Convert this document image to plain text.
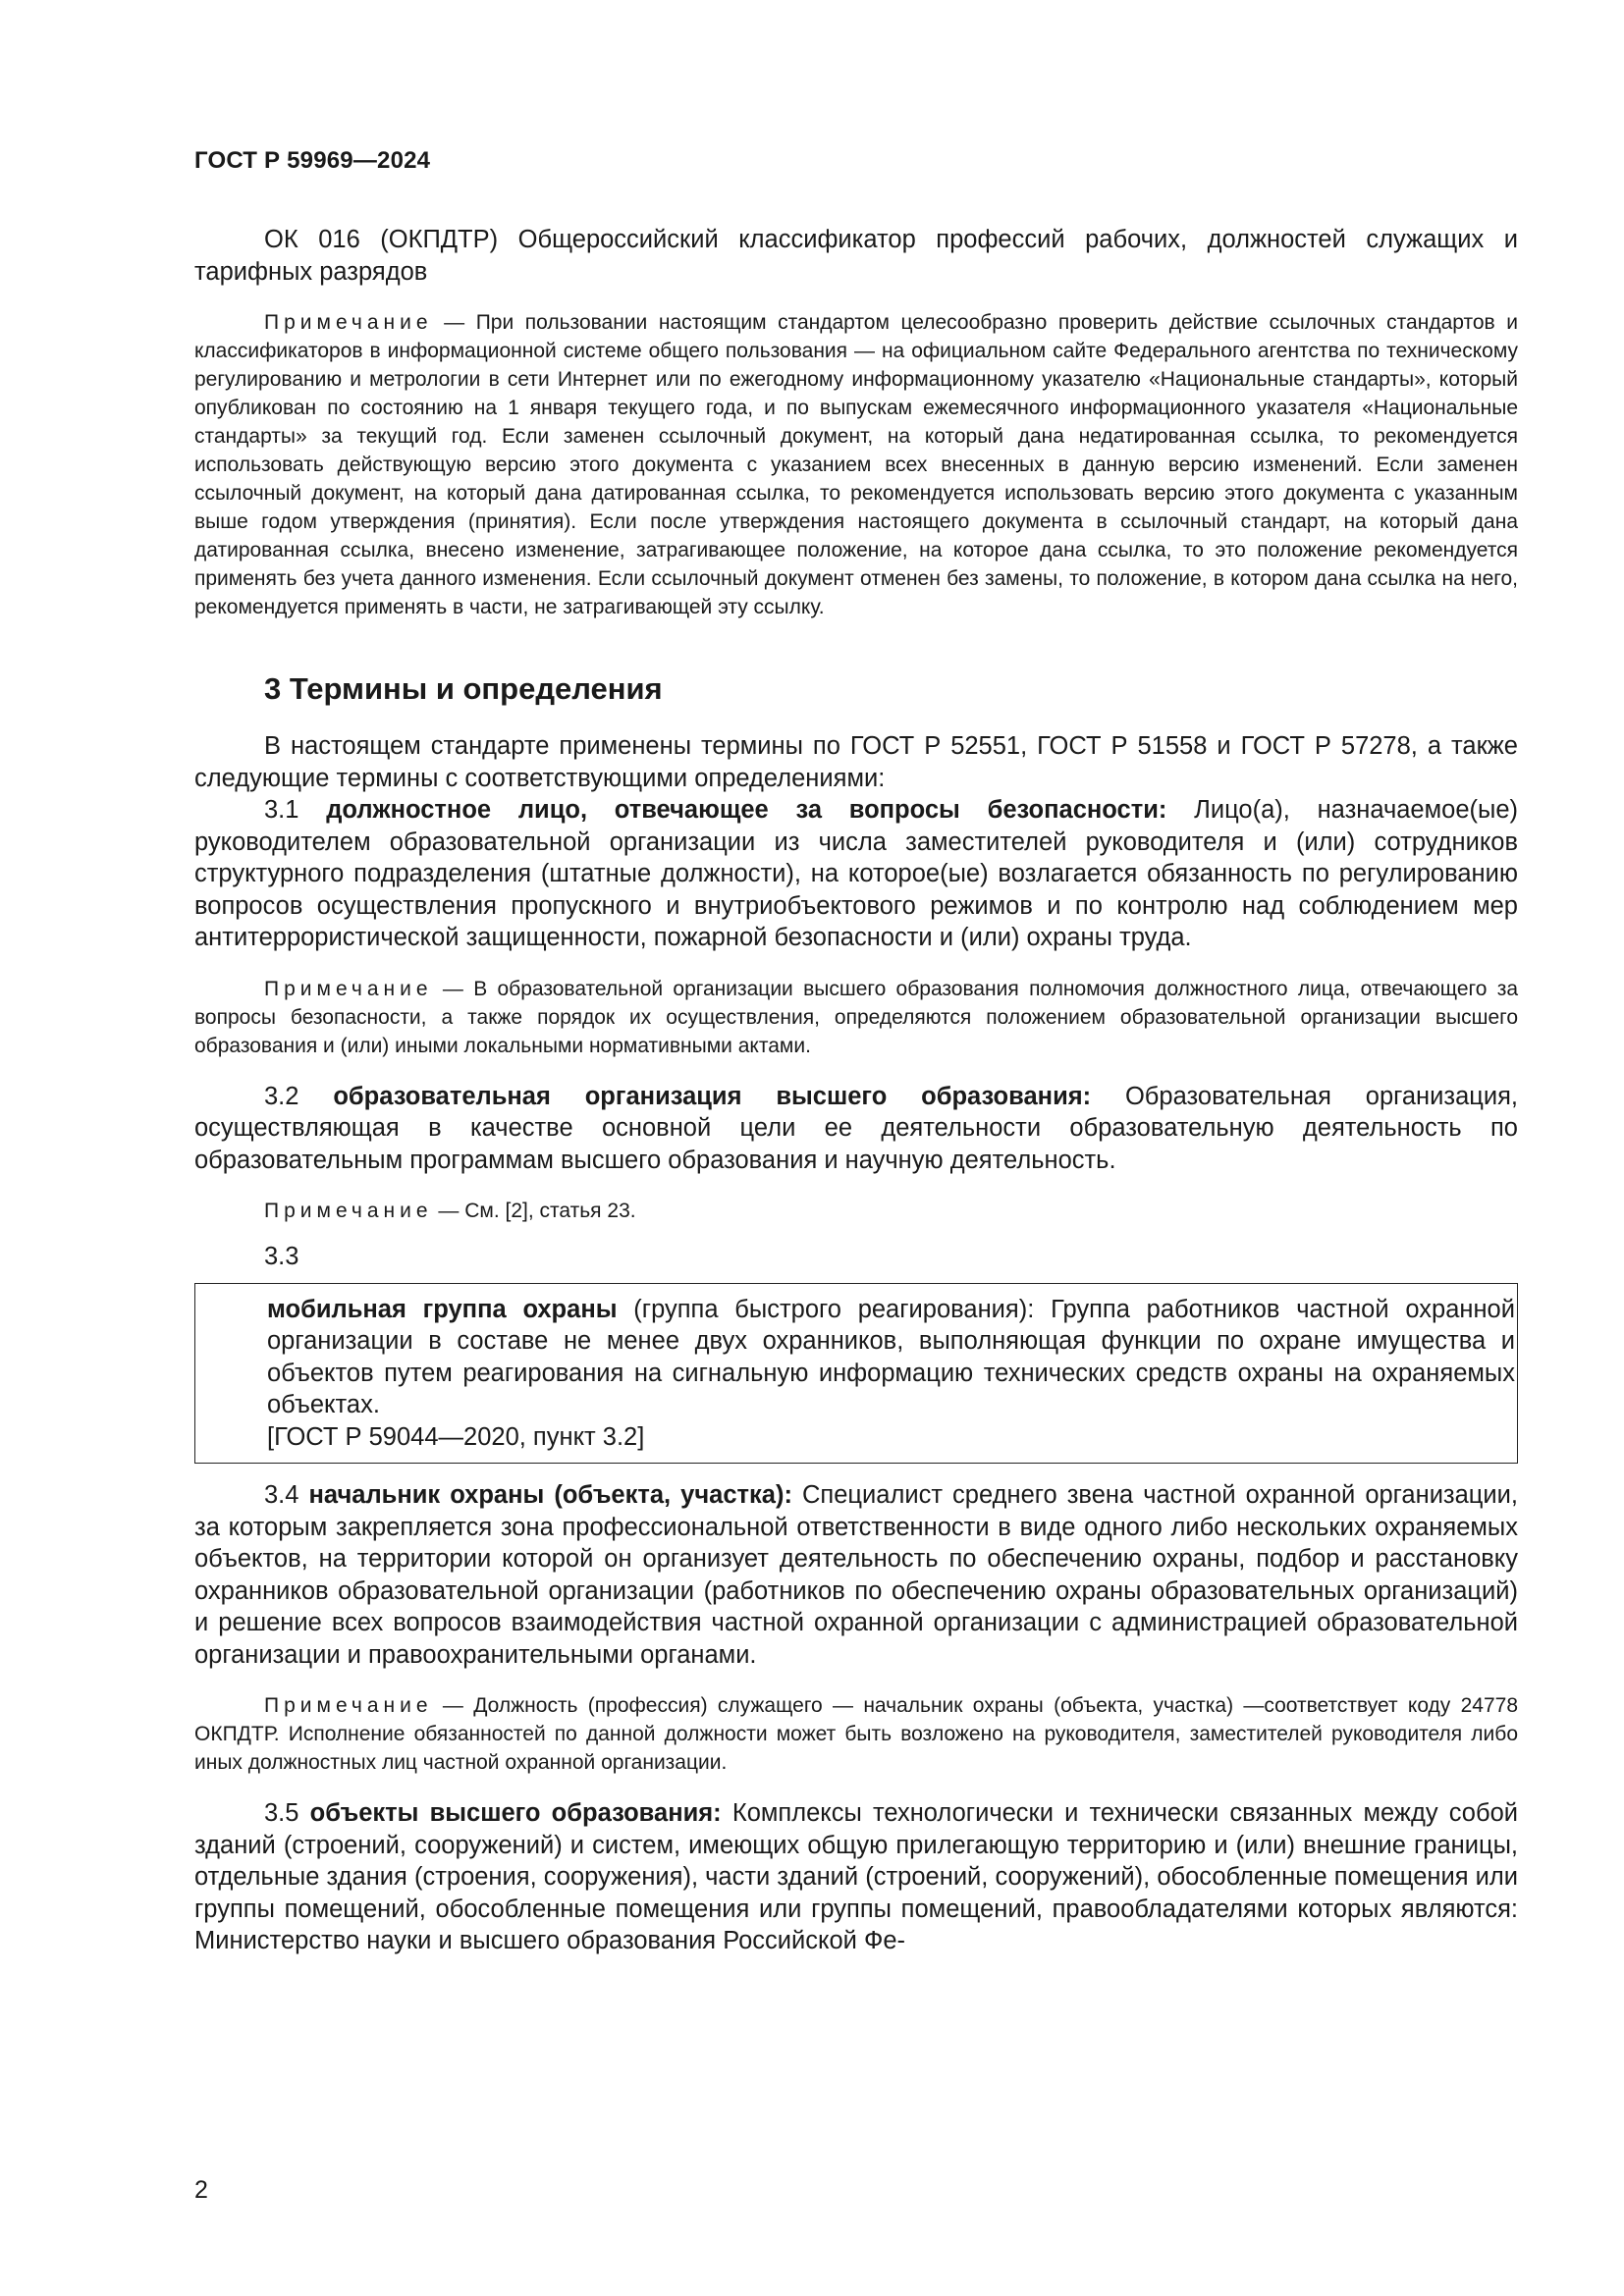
ГОСТ Р 59969—2024

ОК 016 (ОКПДТР) Общероссийский классификатор профессий рабочих, должностей служащих и тарифных разрядов

Примечание — При пользовании настоящим стандартом целесообразно проверить действие ссылочных стандартов и классификаторов в информационной системе общего пользования — на официальном сайте Федерального агентства по техническому регулированию и метрологии в сети Интернет или по ежегодному информационному указателю «Национальные стандарты», который опубликован по состоянию на 1 января текущего года, и по выпускам ежемесячного информационного указателя «Национальные стандарты» за текущий год. Если заменен ссылочный документ, на который дана недатированная ссылка, то рекомендуется использовать действующую версию этого документа с указанием всех внесенных в данную версию изменений. Если заменен ссылочный документ, на который дана датированная ссылка, то рекомендуется использовать версию этого документа с указанным выше годом утверждения (принятия). Если после утверждения настоящего документа в ссылочный стандарт, на который дана датированная ссылка, внесено изменение, затрагивающее положение, на которое дана ссылка, то это положение рекомендуется применять без учета данного изменения. Если ссылочный документ отменен без замены, то положение, в котором дана ссылка на него, рекомендуется применять в части, не затрагивающей эту ссылку.

3 Термины и определения

В настоящем стандарте применены термины по ГОСТ Р 52551, ГОСТ Р 51558 и ГОСТ Р 57278, а также следующие термины с соответствующими определениями:

3.1 должностное лицо, отвечающее за вопросы безопасности: Лицо(а), назначаемое(ые) руководителем образовательной организации из числа заместителей руководителя и (или) сотрудников структурного подразделения (штатные должности), на которое(ые) возлагается обязанность по регулированию вопросов осуществления пропускного и внутриобъектового режимов и по контролю над соблюдением мер антитеррористической защищенности, пожарной безопасности и (или) охраны труда.

Примечание — В образовательной организации высшего образования полномочия должностного лица, отвечающего за вопросы безопасности, а также порядок их осуществления, определяются положением образовательной организации высшего образования и (или) иными локальными нормативными актами.

3.2 образовательная организация высшего образования: Образовательная организация, осуществляющая в качестве основной цели ее деятельности образовательную деятельность по образовательным программам высшего образования и научную деятельность.

Примечание — См. [2], статья 23.

3.3

мобильная группа охраны (группа быстрого реагирования): Группа работников частной охранной организации в составе не менее двух охранников, выполняющая функции по охране имущества и объектов путем реагирования на сигнальную информацию технических средств охраны на охраняемых объектах.

[ГОСТ Р 59044—2020, пункт 3.2]

3.4 начальник охраны (объекта, участка): Специалист среднего звена частной охранной организации, за которым закрепляется зона профессиональной ответственности в виде одного либо нескольких охраняемых объектов, на территории которой он организует деятельность по обеспечению охраны, подбор и расстановку охранников образовательной организации (работников по обеспечению охраны образовательных организаций) и решение всех вопросов взаимодействия частной охранной организации с администрацией образовательной организации и правоохранительными органами.

Примечание — Должность (профессия) служащего — начальник охраны (объекта, участка) —соответствует коду 24778 ОКПДТР. Исполнение обязанностей по данной должности может быть возложено на руководителя, заместителей руководителя либо иных должностных лиц частной охранной организации.

3.5 объекты высшего образования: Комплексы технологически и технически связанных между собой зданий (строений, сооружений) и систем, имеющих общую прилегающую территорию и (или) внешние границы, отдельные здания (строения, сооружения), части зданий (строений, сооружений), обособленные помещения или группы помещений, обособленные помещения или группы помещений, правообладателями которых являются: Министерство науки и высшего образования Российской Фе-

2
